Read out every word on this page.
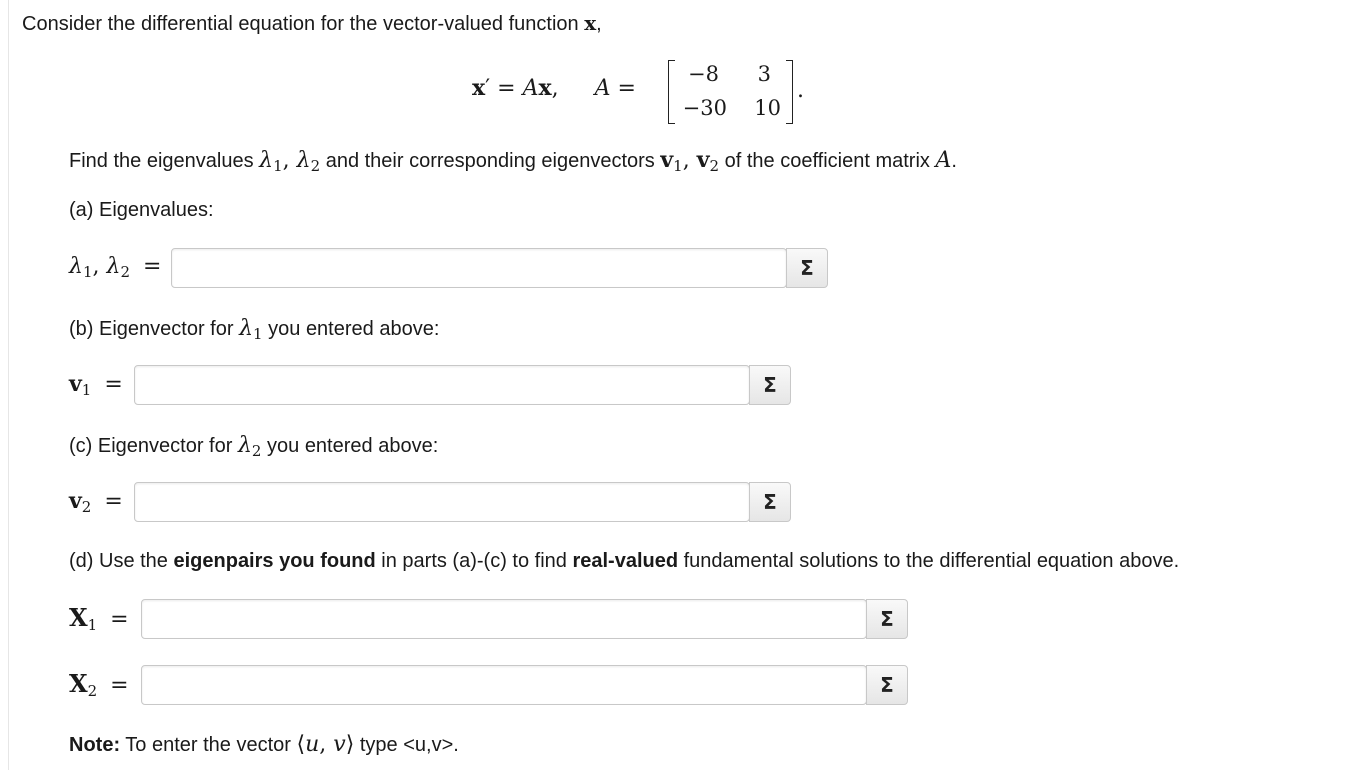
Consider the differential equation for the vector-valued function x,
x′ = Ax, A =
−8 3
−30 10
.
Find the eigenvalues $\lambda_1$, $\lambda_2$ and their corresponding eigenvectors $v_1$, $v_2$ of the coefficient matrix A.
(a) Eigenvalues:
$\lambda_1$, $\lambda_2$ =	Σ
(b) Eigenvector for $\lambda_1$ you entered above:
$v_1$ =	Σ
(c) Eigenvector for $\lambda_2$ you entered above:
$v_2$ =	Σ
(d) Use the eigenpairs you found in parts (a)-(c) to find real-valued fundamental solutions to the differential equation above.
$X_1$ =	Σ
$X_2$ =	Σ
Note: To enter the vector ⟨u, v⟩ type <u,v>.
